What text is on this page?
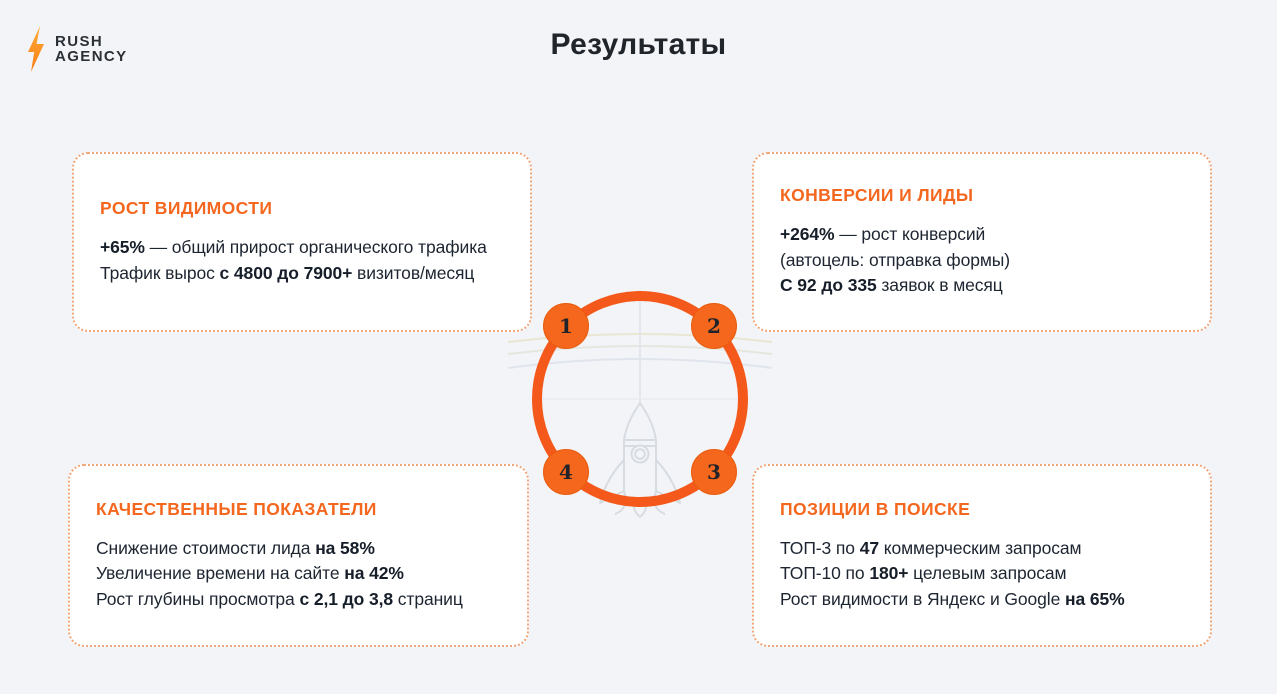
RUSH
AGENCY	Результаты
1	2
3
4
РОСТ ВИДИМОСТИ
+65% — общий прирост органического трафика
Трафик вырос с 4800 до 7900+ визитов/месяц
КОНВЕРСИИ И ЛИДЫ
+264% — рост конверсий
(автоцель: отправка формы)
С 92 до 335 заявок в месяц
КАЧЕСТВЕННЫЕ ПОКАЗАТЕЛИ
Снижение стоимости лида на 58%
Увеличение времени на сайте на 42%
Рост глубины просмотра с 2,1 до 3,8 страниц
ПОЗИЦИИ В ПОИСКЕ
ТОП-3 по 47 коммерческим запросам
ТОП-10 по 180+ целевым запросам
Рост видимости в Яндекс и Google на 65%
